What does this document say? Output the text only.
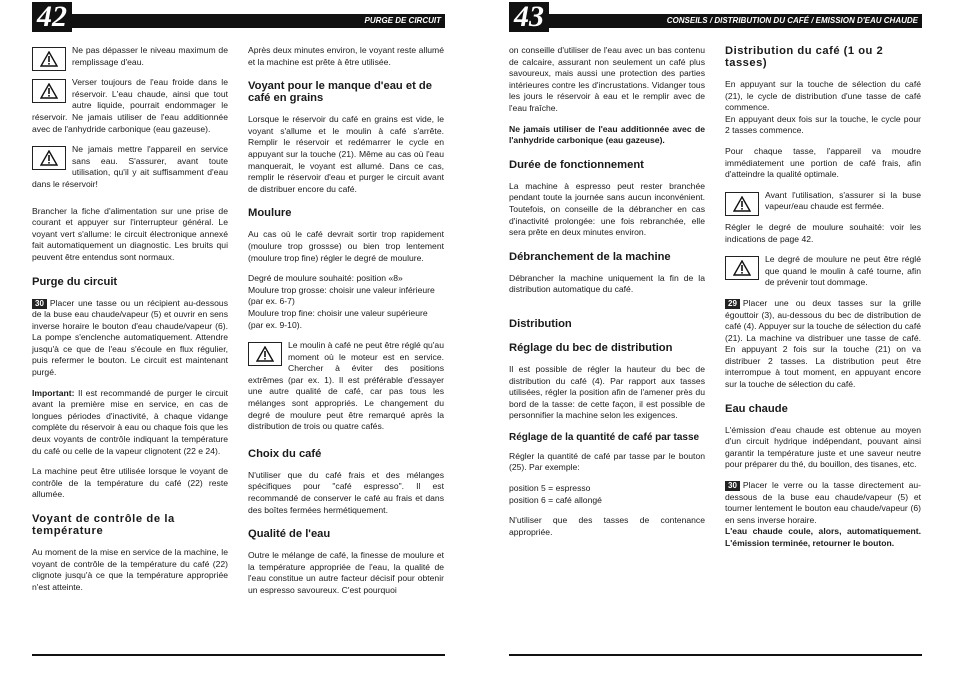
42	PURGE DE CIRCUIT

Ne pas dépasser le niveau maximum de remplissage d'eau.

Verser toujours de l'eau froide dans le réservoir. L'eau chaude, ainsi que tout autre liquide, pourrait endommager le réservoir. Ne jamais utiliser de l'eau additionnée avec de l'anhydride carbonique (eau gazeuse).

Ne jamais mettre l'appareil en service sans eau. S'assurer, avant toute utilisation, qu'il y ait suffisamment d'eau dans le réservoir!

Brancher la fiche d'alimentation sur une prise de courant et appuyer sur l'interrupteur général. Le voyant vert s'allume: le circuit électronique annexé fait automatiquement un diagnostic. Les bruits qui peuvent être entendus sont normaux.

Purge du circuit

30 Placer une tasse ou un récipient au-dessous de la buse eau chaude/vapeur (5) et ouvrir en sens inverse horaire le bouton d'eau chaude/vapeur (6). La pompe s'enclenche automatiquement. Attendre jusqu'à ce que de l'eau s'écoule en flux régulier, puis refermer le bouton. Le circuit est maintenant purgé.

Important: Il est recommandé de purger le circuit avant la première mise en service, en cas de longues périodes d'inactivité, à chaque vidange complète du réservoir à eau ou chaque fois que les deux voyants de contrôle indiquant la température du café ou celle de la vapeur clignotent (22 e 24).

La machine peut être utilisée lorsque le voyant de contrôle de la température du café (22) reste allumée.

Voyant de contrôle de la température

Au moment de la mise en service de la machine, le voyant de contrôle de la température du café (22) clignote jusqu'à ce que la température appropriée n'est atteinte.

Après deux minutes environ, le voyant reste allumé et la machine est prête à être utilisée.

Voyant pour le manque d'eau et de café en grains

Lorsque le réservoir du café en grains est vide, le voyant s'allume et le moulin à café s'arrête. Remplir le réservoir et redémarrer le cycle en appuyant sur la touche (21). Même au cas où l'eau manquerait, le voyant est allumé. Dans ce cas, remplir le réservoir d'eau et purger le circuit avant de distribuer encore du café.

Moulure

Au cas où le café devrait sortir trop rapidement (moulure trop grossse) ou bien trop lentement (moulure trop fine) régler le degré de moulure.

Degré de moulure souhaité: position «8»
Moulure trop grosse: choisir une valeur inférieure (par ex. 6-7)
Moulure trop fine: choisir une valeur supérieure (par ex. 9-10).

Le moulin à café ne peut être réglé qu'au moment où le moteur est en service. Chercher à éviter des positions extrêmes (par ex. 1). Il est préférable d'essayer une autre qualité de café, car pas tous les mélanges sont appropriés. Le changement du degré de moulure peut être remarqué après la distribution de trois ou quatre cafés.

Choix du café

N'utiliser que du café frais et des mélanges spécifiques pour "café espresso". Il est recommandé de conserver le café au frais et dans des boîtes fermées hermétiquement.

Qualité de l'eau

Outre le mélange de café, la finesse de moulure et la température appropriée de l'eau, la qualité de l'eau constitue un autre facteur décisif pour obtenir un espresso savoureux. C'est pourquoi

43	CONSEILS / DISTRIBUTION DU CAFÉ / EMISSION D'EAU CHAUDE

on conseille d'utiliser de l'eau avec un bas contenu de calcaire, assurant non seulement un café plus savoureux, mais aussi une protection des parties intérieures contre les d'incrustations. Vidanger tous les jours le réservoir à eau et le remplir avec de l'eau fraîche.

Ne jamais utiliser de l'eau additionnée avec de l'anhydride carbonique (eau gazeuse).

Durée de fonctionnement

La machine à espresso peut rester branchée pendant toute la journée sans aucun inconvénient. Toutefois, on conseille de la débrancher en cas d'inactivité prolongée: une fois rebranchée, elle sera prête en deux minutes environ.

Débranchement de la machine

Débrancher la machine uniquement la fin de la distribution automatique du café.

Distribution
Réglage du bec de distribution

Il est possible de régler la hauteur du bec de distribution du café (4). Par rapport aux tasses utilisées, régler la position afin de l'amener près du bord de la tasse: de cette façon, il est possible de personnifier la machine selon les exigences.

Réglage de la quantité de café par tasse

Régler la quantité de café par tasse par le bouton (25). Par exemple:

position 5 = espresso
position 6 = café allongé

N'utiliser que des tasses de contenance appropriée.

Distribution du café (1 ou 2 tasses)

En appuyant sur la touche de sélection du café (21), le cycle de distribution d'une tasse de café commence.

En appuyant deux fois sur la touche, le cycle pour 2 tasses commence.

Pour chaque tasse, l'appareil va moudre immédiatement une portion de café frais, afin d'atteindre la qualité optimale.

Avant l'utilisation, s'assurer si la buse vapeur/eau chaude est fermée.

Régler le degré de moulure souhaité: voir les indications de page 42.

Le degré de moulure ne peut être réglé que quand le moulin à café tourne, afin de prévenir tout dommage.

29 Placer une ou deux tasses sur la grille égouttoir (3), au-dessous du bec de distribution de café (4). Appuyer sur la touche de sélection du café (21). La machine va distribuer une tasse de café. En appuyant 2 fois sur la touche (21) on va distribuer 2 tasses. La distribution peut être interrompue à tout moment, en appuyant encore sur la touche de sélection du café.

Eau chaude

L'émission d'eau chaude est obtenue au moyen d'un circuit hydrique indépendant, pouvant ainsi garantir la température juste et une saveur neutre pour préparer du thé, du bouillon, des tisanes, etc.

30 Placer le verre ou la tasse directement au-dessous de la buse eau chaude/vapeur (5) et tourner lentement le bouton eau chaude/vapeur (6) en sens inverse horaire.

L'eau chaude coule, alors, automatiquement. L'émission terminée, retourner le bouton.
